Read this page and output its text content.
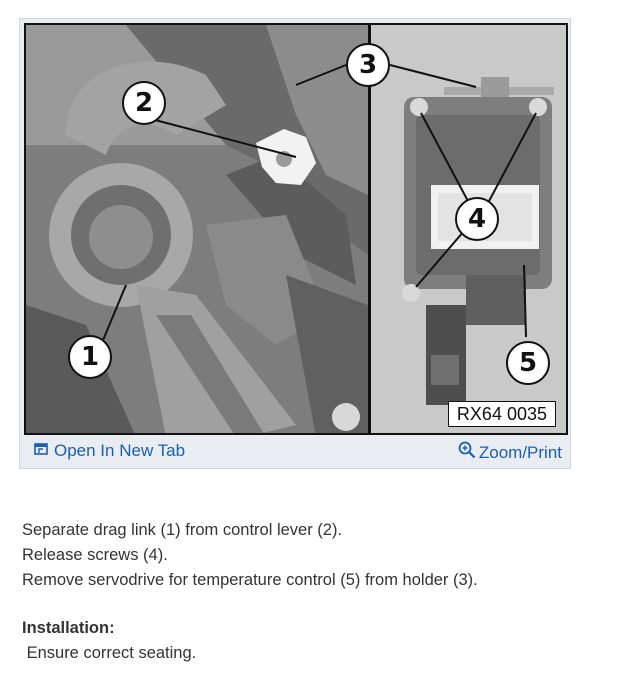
1
2
3
4
5
RX64 0035
Open In New Tab	Zoom/Print
Separate drag link (1) from control lever (2).
Release screws (4).
Remove servodrive for temperature control (5) from holder (3).
Installation:
Ensure correct seating.
